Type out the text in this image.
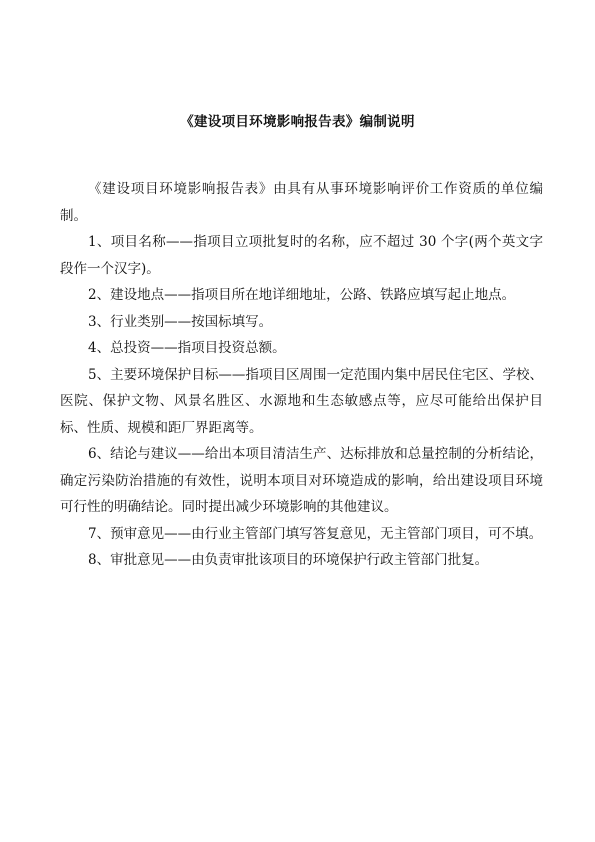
《建设项目环境影响报告表》编制说明

《建设项目环境影响报告表》由具有从事环境影响评价工作资质的单位编制。

1、项目名称——指项目立项批复时的名称，应不超过 30 个字(两个英文字段作一个汉字)。

2、建设地点——指项目所在地详细地址，公路、铁路应填写起止地点。

3、行业类别——按国标填写。

4、总投资——指项目投资总额。

5、主要环境保护目标——指项目区周围一定范围内集中居民住宅区、学校、医院、保护文物、风景名胜区、水源地和生态敏感点等，应尽可能给出保护目标、性质、规模和距厂界距离等。

6、结论与建议——给出本项目清洁生产、达标排放和总量控制的分析结论，确定污染防治措施的有效性，说明本项目对环境造成的影响，给出建设项目环境可行性的明确结论。同时提出减少环境影响的其他建议。

7、预审意见——由行业主管部门填写答复意见，无主管部门项目，可不填。

8、审批意见——由负责审批该项目的环境保护行政主管部门批复。
